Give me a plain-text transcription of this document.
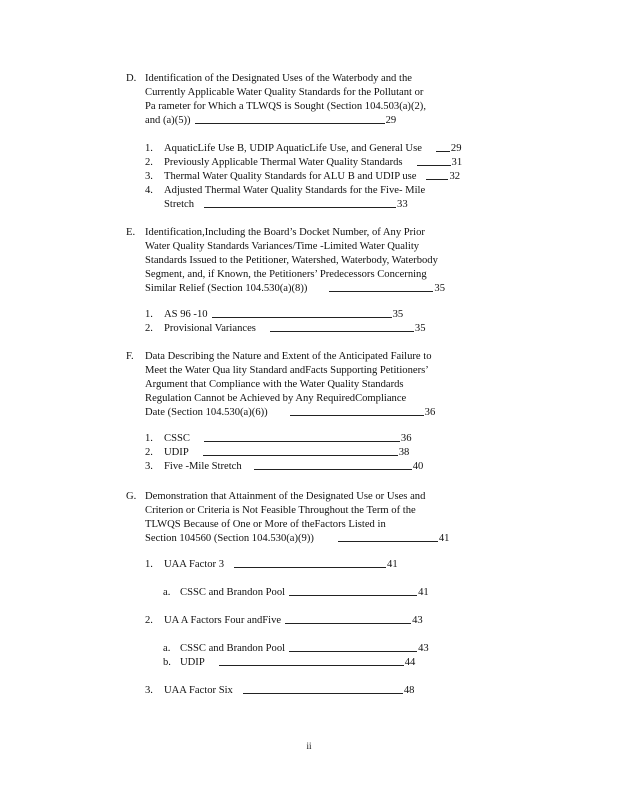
D. Identification of the Designated Uses of the Waterbody and the
Currently Applicable Water Quality Standards for the Pollutant or
Pa rameter for Which a TLWQS is Sought (Section 104.503(a)(2),
and (a)(5))	29
1.	AquaticLife Use B, UDIP AquaticLife Use, and General Use	29
2.	Previously Applicable Thermal Water Quality Standards	31
3.	Thermal Water Quality Standards for ALU B and UDIP use	32
4.	Adjusted Thermal Water Quality Standards for the Five- Mile
Stretch	33
E. Identification,Including the Board’s Docket Number, of Any Prior
Water Quality Standards Variances/Time -Limited Water Quality
Standards Issued to the Petitioner, Watershed, Waterbody, Waterbody
Segment, and, if Known, the Petitioners’ Predecessors Concerning
Similar Relief (Section 104.530(a)(8))	35
1.	AS 96 -10	35
2.	Provisional Variances	35
F.	Data Describing the Nature and Extent of the Anticipated Failure to
Meet the Water Qua lity Standard andFacts Supporting Petitioners’
Argument that Compliance with the Water Quality Standards
Regulation Cannot be Achieved by Any RequiredCompliance
Date (Section 104.530(a)(6))	36
1.	CSSC	36
2.	UDIP	38
3.	Five -Mile Stretch	40
G. Demonstration that Attainment of the Designated Use or Uses and
Criterion or Criteria is Not Feasible Throughout the Term of the
TLWQS Because of One or More of theFactors Listed in
Section 104560 (Section 104.530(a)(9))	41
1.	UAA Factor 3	41
a. CSSC and Brandon Pool	41
2.	UA A Factors Four andFive	43
a. CSSC and Brandon Pool	43
b. UDIP	44
3.	UAA Factor Six	48
ii
